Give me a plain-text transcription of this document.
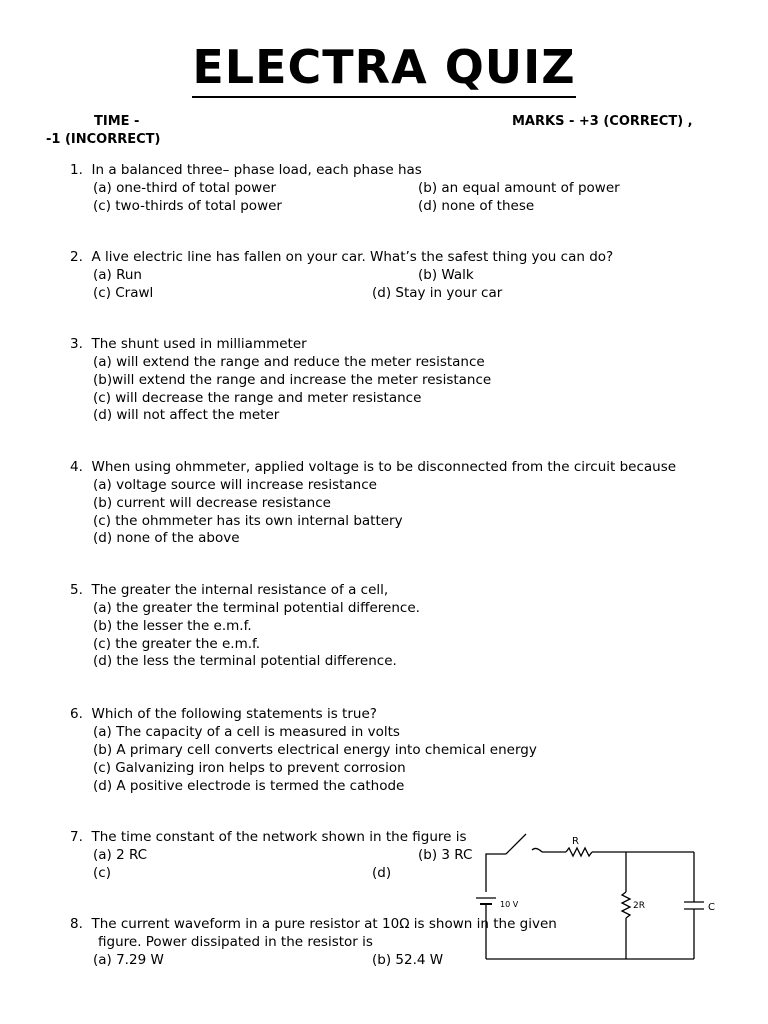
ELECTRA QUIZ
TIME -	MARKS - +3 (CORRECT) ,
-1 (INCORRECT)
1. In a balanced three– phase load, each phase has
(a) one-third of total power	(b) an equal amount of power
(c) two-thirds of total power	(d) none of these
2. A live electric line has fallen on your car. What’s the safest thing you can do?
(a) Run	(b) Walk
(c) Crawl	(d) Stay in your car
3. The shunt used in milliammeter
(a) will extend the range and reduce the meter resistance
(b)will extend the range and increase the meter resistance
(c) will decrease the range and meter resistance
(d) will not affect the meter
4. When using ohmmeter, applied voltage is to be disconnected from the circuit because
(a) voltage source will increase resistance
(b) current will decrease resistance
(c) the ohmmeter has its own internal battery
(d) none of the above
5. The greater the internal resistance of a cell,
(a) the greater the terminal potential difference.
(b) the lesser the e.m.f.
(c) the greater the e.m.f.
(d) the less the terminal potential difference.
6. Which of the following statements is true?
(a) The capacity of a cell is measured in volts
(b) A primary cell converts electrical energy into chemical energy
(c) Galvanizing iron helps to prevent corrosion
(d) A positive electrode is termed the cathode
7. The time constant of the network shown in the figure is
(a) 2 RC	(b) 3 RC
(c)	(d)
8. The current waveform in a pure resistor at 10Ω is shown in the given
figure. Power dissipated in the resistor is
(a) 7.29 W	(b) 52.4 W
R
2R	C
10 V
